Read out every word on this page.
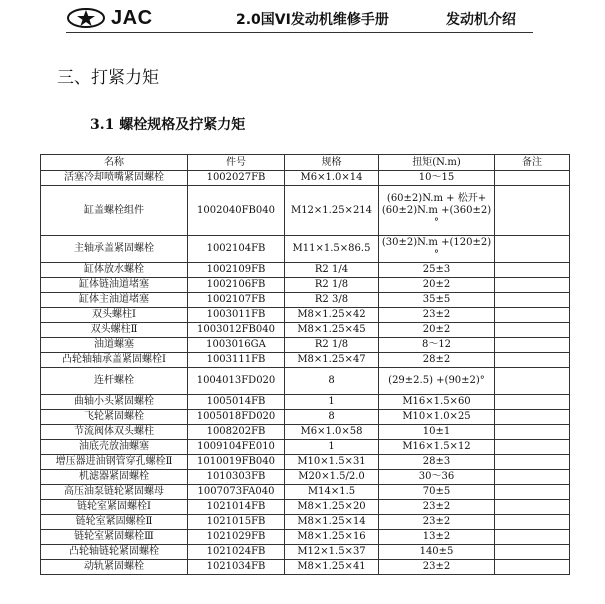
JAC	2.0国VI发动机维修手册	发动机介绍
三、打紧力矩
3.1 螺栓规格及拧紧力矩
名称	件号	规格	扭矩(N.m)	备注
活塞冷却喷嘴紧固螺栓	1002027FB	M6×1.0×14	10～15	
缸盖螺栓组件	1002040FB040	M12×1.25×214	(60±2)N.m + 松开+(60±2)N.m +(360±2)°	
主轴承盖紧固螺栓	1002104FB	M11×1.5×86.5	(30±2)N.m +(120±2)°	
缸体放水螺栓	1002109FB	R2 1/4	25±3	
缸体链油道堵塞	1002106FB	R2 1/8	20±2	
缸体主油道堵塞	1002107FB	R2 3/8	35±5	
双头螺柱Ⅰ	1003011FB	M8×1.25×42	23±2	
双头螺柱Ⅱ	1003012FB040	M8×1.25×45	20±2	
油道螺塞	1003016GA	R2 1/8	8～12	
凸轮轴轴承盖紧固螺栓Ⅰ	1003111FB	M8×1.25×47	28±2	
连杆螺栓	1004013FD020	8	(29±2.5) +(90±2)°	
曲轴小头紧固螺栓	1005014FB	1	M16×1.5×60	
飞轮紧固螺栓	1005018FD020	8	M10×1.0×25	
节流阀体双头螺柱	1008202FB	M6×1.0×58	10±1	
油底壳放油螺塞	1009104FE010	1	M16×1.5×12	
增压器进油钢管穿孔螺栓Ⅱ	1010019FB040	M10×1.5×31	28±3	
机滤器紧固螺栓	1010303FB	M20×1.5/2.0	30～36	
高压油泵链轮紧固螺母	1007073FA040	M14×1.5	70±5	
链轮室紧固螺栓Ⅰ	1021014FB	M8×1.25×20	23±2	
链轮室紧固螺栓Ⅱ	1021015FB	M8×1.25×14	23±2	
链轮室紧固螺栓Ⅲ	1021029FB	M8×1.25×16	13±2	
凸轮轴链轮紧固螺栓	1021024FB	M12×1.5×37	140±5	
动轨紧固螺栓	1021034FB	M8×1.25×41	23±2	
